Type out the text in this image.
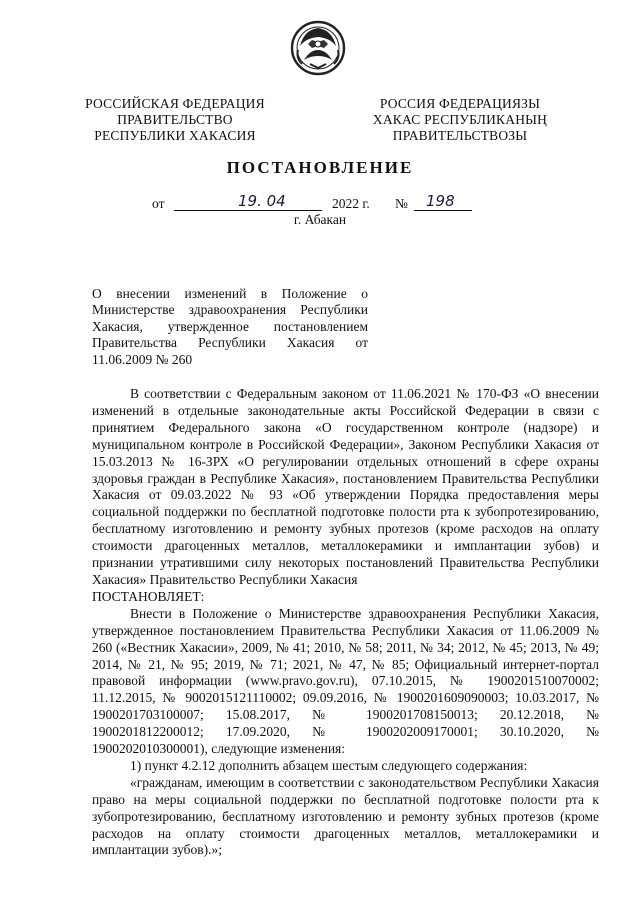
РОССИЙСКАЯ ФЕДЕРАЦИЯ
ПРАВИТЕЛЬСТВО
РЕСПУБЛИКИ ХАКАСИЯ
РОССИЯ ФЕДЕРАЦИЯЗЫ
ХАКАС РЕСПУБЛИКАНЫҢ
ПРАВИТЕЛЬСТВОЗЫ
ПОСТАНОВЛЕНИЕ
от	19. 04	2022 г. № 198
г. Абакан

О внесении изменений в Положение о Министерстве здравоохранения Республики Хакасия, утвержденное постановлением Правительства Республики Хакасия от 11.06.2009 № 260

В соответствии с Федеральным законом от 11.06.2021 № 170-ФЗ «О внесении изменений в отдельные законодательные акты Российской Федерации в связи с принятием Федерального закона «О государственном контроле (надзоре) и муниципальном контроле в Российской Федерации», Законом Республики Хакасия от 15.03.2013 № 16-ЗРХ «О регулировании отдельных отношений в сфере охраны здоровья граждан в Республике Хакасия», постановлением Правительства Республики Хакасия от 09.03.2022 № 93 «Об утверждении Порядка предоставления меры социальной поддержки по бесплатной подготовке полости рта к зубопротезированию, бесплатному изготовлению и ремонту зубных протезов (кроме расходов на оплату стоимости драгоценных металлов, металлокерамики и имплантации зубов) и признании утратившими силу некоторых постановлений Правительства Республики Хакасия» Правительство Республики Хакасия

ПОСТАНОВЛЯЕТ:

Внести в Положение о Министерстве здравоохранения Республики Хакасия, утвержденное постановлением Правительства Республики Хакасия от 11.06.2009 № 260 («Вестник Хакасии», 2009, № 41; 2010, № 58; 2011, № 34; 2012, № 45; 2013, № 49; 2014, № 21, № 95; 2019, № 71; 2021, № 47, № 85; Официальный интернет-портал правовой информации (www.pravo.gov.ru), 07.10.2015, № 1900201510070002; 11.12.2015, № 9002015121110002; 09.09.2016, № 1900201609090003; 10.03.2017, № 1900201703100007; 15.08.2017, № 1900201708150013; 20.12.2018, № 1900201812200012; 17.09.2020, № 1900202009170001; 30.10.2020, № 1900202010300001), следующие изменения:

1) пункт 4.2.12 дополнить абзацем шестым следующего содержания:

«гражданам, имеющим в соответствии с законодательством Республики Хакасия право на меры социальной поддержки по бесплатной подготовке полости рта к зубопротезированию, бесплатному изготовлению и ремонту зубных протезов (кроме расходов на оплату стоимости драгоценных металлов, металлокерамики и имплантации зубов).»;
